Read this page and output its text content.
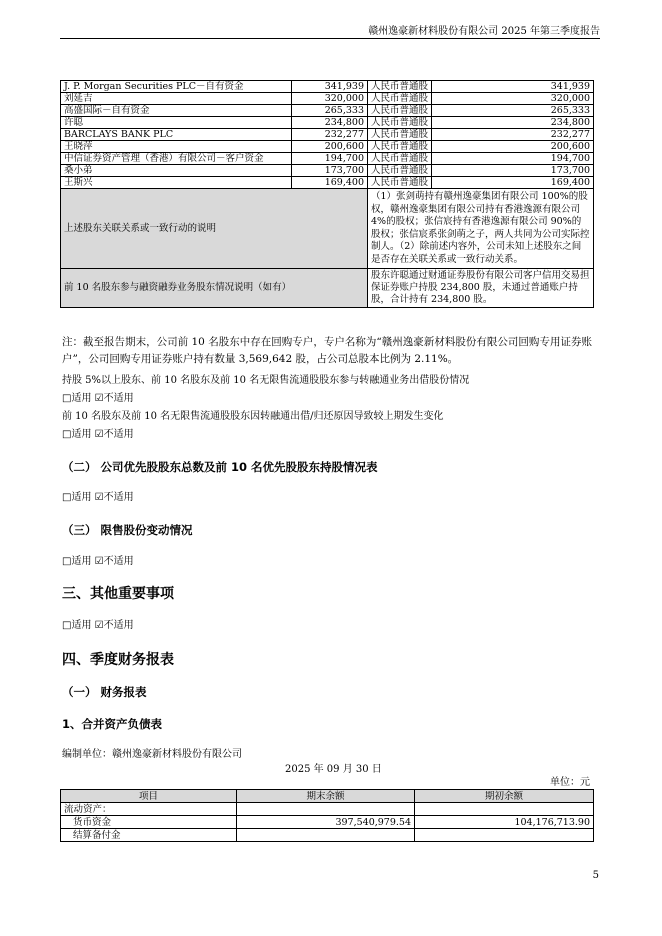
赣州逸豪新材料股份有限公司 2025 年第三季度报告
J. P. Morgan Securities PLC－自有资金	341,939	人民币普通股	341,939
刘延吉	320,000	人民币普通股	320,000
高盛国际－自有资金	265,333	人民币普通股	265,333
许聪	234,800	人民币普通股	234,800
BARCLAYS BANK PLC	232,277	人民币普通股	232,277
王晓萍	200,600	人民币普通股	200,600
中信证券资产管理（香港）有限公司－客户资金	194,700	人民币普通股	194,700
桑小弟	173,700	人民币普通股	173,700
王斯兴	169,400	人民币普通股	169,400
上述股东关联关系或一致行动的说明		（1）张剑萌持有赣州逸豪集团有限公司 100%的股权，赣州逸豪集团有限公司持有香港逸源有限公司 4%的股权；张信宸持有香港逸源有限公司 90%的股权；张信宸系张剑萌之子，两人共同为公司实际控制人。（2）除前述内容外，公司未知上述股东之间是否存在关联关系或一致行动关系。	
前 10 名股东参与融资融券业务股东情况说明（如有）		股东许聪通过财通证券股份有限公司客户信用交易担保证券账户持股 234,800 股，未通过普通账户持股，合计持有 234,800 股。	
注：截至报告期末，公司前 10 名股东中存在回购专户，专户名称为“赣州逸豪新材料股份有限公司回购专用证券账户”，公司回购专用证券账户持有数量 3,569,642 股，占公司总股本比例为 2.11%。
持股 5%以上股东、前 10 名股东及前 10 名无限售流通股股东参与转融通业务出借股份情况
□适用 ☑不适用
前 10 名股东及前 10 名无限售流通股股东因转融通出借/归还原因导致较上期发生变化
□适用 ☑不适用
（二） 公司优先股股东总数及前 10 名优先股股东持股情况表
□适用 ☑不适用
（三） 限售股份变动情况
□适用 ☑不适用
三、其他重要事项
□适用 ☑不适用
四、季度财务报表
（一） 财务报表
1、合并资产负债表
编制单位：赣州逸豪新材料股份有限公司
2025 年 09 月 30 日
单位：元
项目	期末余额	期初余额
流动资产：		
货币资金	397,540,979.54	104,176,713.90
结算备付金		
5
